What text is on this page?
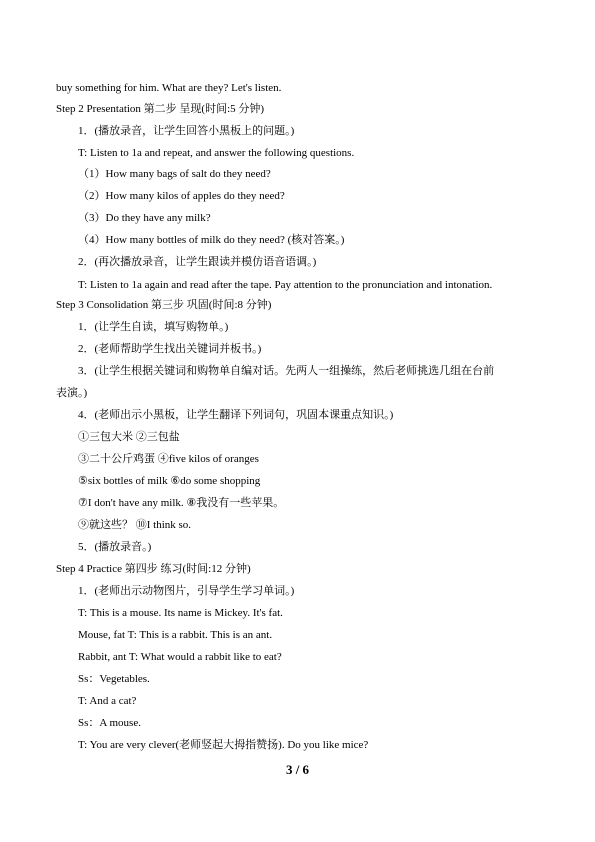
buy something for him. What are they? Let's listen.
Step 2 Presentation 第二步 呈现(时间:5 分钟)
1．(播放录音，让学生回答小黑板上的问题。)
T: Listen to 1a and repeat, and answer the following questions.
（1）How many bags of salt do they need?
（2）How many kilos of apples do they need?
（3）Do they have any milk?
（4）How many bottles of milk do they need? (核对答案。)
2．(再次播放录音，让学生跟读并模仿语音语调。)
T: Listen to 1a again and read after the tape. Pay attention to the pronunciation and intonation.
Step 3 Consolidation 第三步 巩固(时间:8 分钟)
1．(让学生自读，填写购物单。)
2．(老师帮助学生找出关键词并板书。)
3．(让学生根据关键词和购物单自编对话。先两人一组操练，然后老师挑选几组在台前
表演。)
4．(老师出示小黑板，让学生翻译下列词句，巩固本课重点知识。)
①三包大米 ②三包盐
③二十公斤鸡蛋 ④five kilos of oranges
⑤six bottles of milk ⑥do some shopping
⑦I don't have any milk. ⑧我没有一些苹果。
⑨就这些？ ⑩I think so.
5．(播放录音。)
Step 4 Practice 第四步 练习(时间:12 分钟)
1．(老师出示动物图片，引导学生学习单词。)
T: This is a mouse. Its name is Mickey. It's fat.
Mouse, fat T: This is a rabbit. This is an ant.
Rabbit, ant T: What would a rabbit like to eat?
Ss：Vegetables.
T: And a cat?
Ss：A mouse.
T: You are very clever(老师竖起大拇指赞扬). Do you like mice?
3 / 6
